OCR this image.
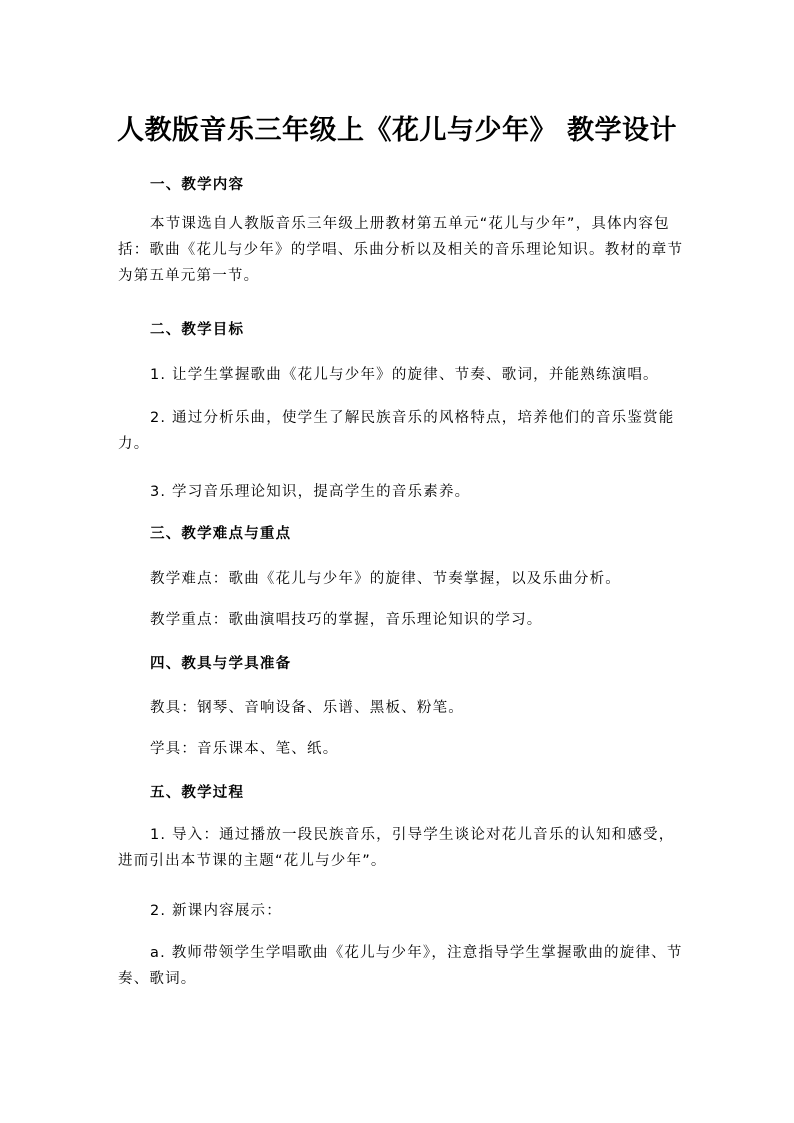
人教版音乐三年级上《花儿与少年》 教学设计
一、教学内容

本节课选自人教版音乐三年级上册教材第五单元“花儿与少年”，具体内容包括：歌曲《花儿与少年》的学唱、乐曲分析以及相关的音乐理论知识。教材的章节为第五单元第一节。

二、教学目标

1. 让学生掌握歌曲《花儿与少年》的旋律、节奏、歌词，并能熟练演唱。

2. 通过分析乐曲，使学生了解民族音乐的风格特点，培养他们的音乐鉴赏能力。

3. 学习音乐理论知识，提高学生的音乐素养。

三、教学难点与重点

教学难点：歌曲《花儿与少年》的旋律、节奏掌握，以及乐曲分析。

教学重点：歌曲演唱技巧的掌握，音乐理论知识的学习。

四、教具与学具准备

教具：钢琴、音响设备、乐谱、黑板、粉笔。

学具：音乐课本、笔、纸。

五、教学过程

1. 导入：通过播放一段民族音乐，引导学生谈论对花儿音乐的认知和感受，进而引出本节课的主题“花儿与少年”。

2. 新课内容展示：

a. 教师带领学生学唱歌曲《花儿与少年》，注意指导学生掌握歌曲的旋律、节奏、歌词。
